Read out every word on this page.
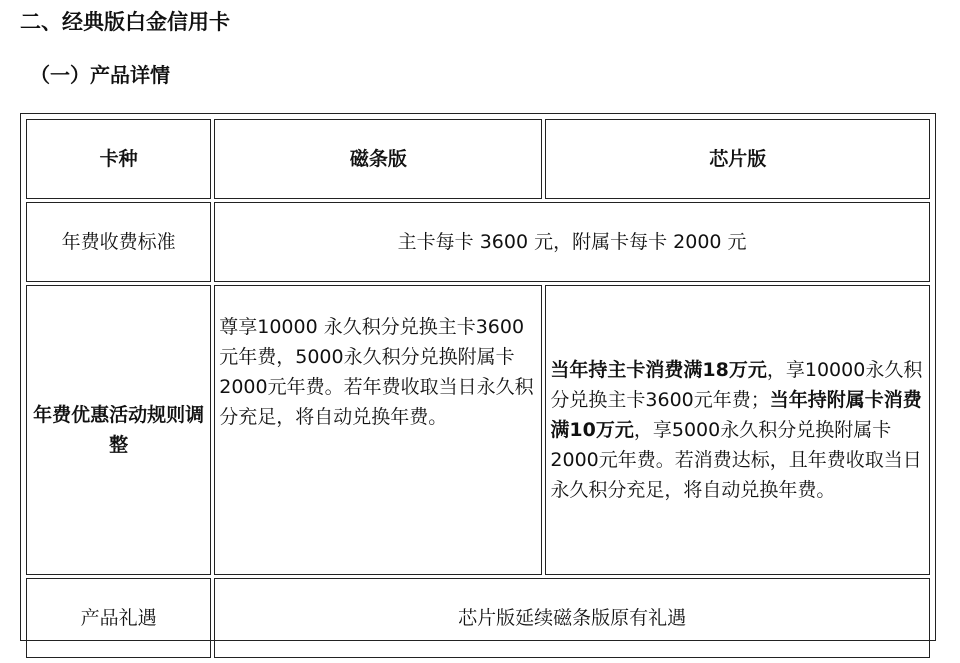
二、经典版白金信用卡
（一）产品详情
卡种	磁条版	芯片版
年费收费标准	主卡每卡 3600 元，附属卡每卡 2000 元	
年费优惠活动规则调整	尊享10000 永久积分兑换主卡3600元年费，5000永久积分兑换附属卡2000元年费。若年费收取当日永久积分充足，将自动兑换年费。	当年持主卡消费满18万元，享10000永久积分兑换主卡3600元年费；当年持附属卡消费满10万元，享5000永久积分兑换附属卡2000元年费。若消费达标，且年费收取当日永久积分充足，将自动兑换年费。

产品礼遇	芯片版延续磁条版原有礼遇	
